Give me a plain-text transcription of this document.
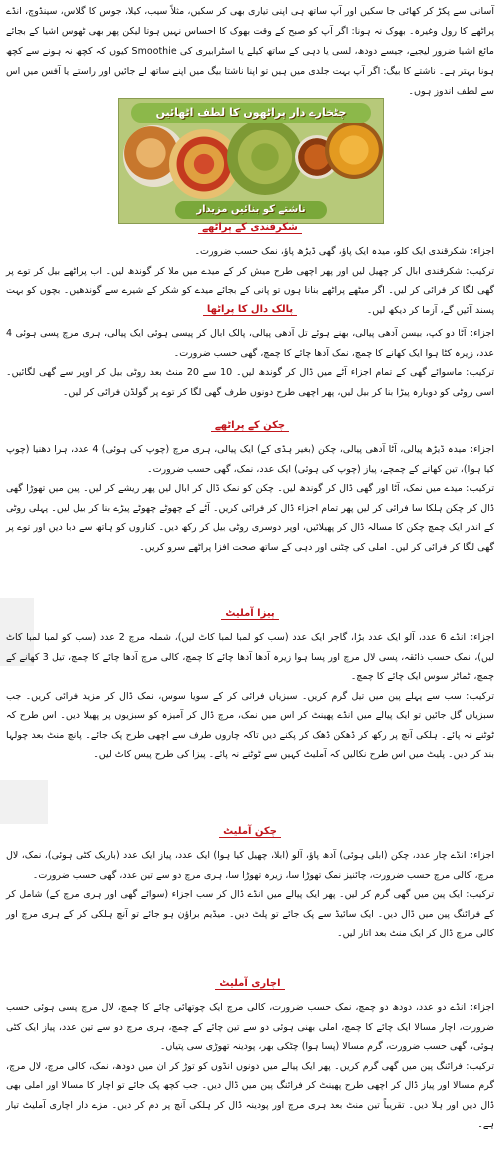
آسانی سے پکڑ کر کھائی جا سکیں اور آپ ساتھ ہی اپنی تیاری بھی کر سکیں، مثلاً سیب، کیلا، جوس کا گلاس، سینڈوچ، انڈے پراٹھے کا رول وغیرہ۔ بھوک نہ ہونا: اگر آپ کو صبح کے وقت بھوک کا احساس نہیں ہوتا لیکن پھر بھی ٹھوس اشیا کے بجائے مائع اشیا ضرور لیجیے، جیسے دودھ، لسی یا دہی کے ساتھ کیلے یا اسٹرابیری کی Smoothie کیوں کہ کچھ نہ ہونے سے کچھ ہونا بہتر ہے۔ ناشتے کا بیگ: اگر آپ بہت جلدی میں ہیں تو اپنا ناشتا بیگ میں اپنے ساتھ لے جائیں اور راستے یا آفس میں اس سے لطف اندوز ہوں۔

چٹخارے دار پراٹھوں کا لطف اٹھائیں
ناشتے کو بنائیں مزیدار
شکرقندی کے پراٹھے

اجزاء: شکرقندی ایک کلو، میدہ ایک پاؤ، گھی ڈیڑھ پاؤ، نمک حسب ضرورت۔

ترکیب: شکرقندی ابال کر چھیل لیں اور پھر اچھی طرح میش کر کے میدے میں ملا کر گوندھ لیں۔ اب پراٹھے بیل کر توے پر گھی لگا کر فرائی کر لیں۔ اگر میٹھے پراٹھے بنانا ہوں تو پانی کے بجائے میدے کو شکر کے شیرے سے گوندھیں۔ بچوں کو بہت پسند آئیں گے، آزما کر دیکھ لیں۔

پالک دال کا پراٹھا

اجزاء: آٹا دو کپ، بیسن آدھی پیالی، بھنے ہوئے تل آدھی پیالی، پالک ابال کر پیسی ہوئی ایک پیالی، ہری مرچ پسی ہوئی 4 عدد، زیرہ کٹا ہوا ایک کھانے کا چمچ، نمک آدھا چائے کا چمچ، گھی حسب ضرورت۔

ترکیب: ماسوائے گھی کے تمام اجزاء آٹے میں ڈال کر گوندھ لیں۔ 10 سے 20 منٹ بعد روٹی بیل کر اوپر سے گھی لگائیں۔ اسی روٹی کو دوبارہ پیڑا بنا کر بیل لیں، پھر اچھی طرح دونوں طرف گھی لگا کر توے پر گولڈن فرائی کر لیں۔

چکن کے پراٹھے

اجزاء: میدہ ڈیڑھ پیالی، آٹا آدھی پیالی، چکن (بغیر ہڈی کے) ایک پیالی، ہری مرچ (چوپ کی ہوئی) 4 عدد، ہرا دھنیا (چوپ کیا ہوا)، تین کھانے کے چمچے، پیاز (چوپ کی ہوئی) ایک عدد، نمک، گھی حسب ضرورت۔

ترکیب: میدے میں نمک، آٹا اور گھی ڈال کر گوندھ لیں۔ چکن کو نمک ڈال کر ابال لیں پھر ریشے کر لیں۔ پین میں تھوڑا گھی ڈال کر چکن ہلکا سا فرائی کر لیں پھر تمام اجزاء ڈال کر فرائی کریں۔ آٹے کے چھوٹے چھوٹے پیڑے بنا کر بیل لیں۔ پہلی روٹی کے اندر ایک چمچ چکن کا مسالہ ڈال کر پھیلائیں، اوپر دوسری روٹی بیل کر رکھ دیں۔ کناروں کو ہاتھ سے دبا دیں اور توے پر گھی لگا کر فرائی کر لیں۔ املی کی چٹنی اور دہی کے ساتھ صحت افزا پراٹھے سرو کریں۔

پیزا آملیٹ

اجزاء: انڈے 6 عدد، آلو ایک عدد بڑا، گاجر ایک عدد (سب کو لمبا لمبا کاٹ لیں)، شملہ مرچ 2 عدد (سب کو لمبا لمبا کاٹ لیں)، نمک حسب ذائقہ، پسی لال مرچ اور پسا ہوا زیرہ آدھا آدھا چائے کا چمچ، کالی مرچ آدھا چائے کا چمچ، تیل 3 کھانے کے چمچ، ٹماٹر سوس ایک چائے کا چمچ۔

ترکیب: سب سے پہلے پین میں تیل گرم کریں۔ سبزیاں فرائی کر کے سویا سوس، نمک ڈال کر مزید فرائی کریں۔ جب سبزیاں گل جائیں تو ایک پیالے میں انڈے پھینٹ کر اس میں نمک، مرچ ڈال کر آمیزہ کو سبزیوں پر پھیلا دیں۔ اس طرح کہ ٹوٹنے نہ پائے۔ ہلکی آنچ پر رکھ کر ڈھکن ڈھک کر پکنے دیں تاکہ چاروں طرف سے اچھی طرح پک جائے۔ پانچ منٹ بعد چولہا بند کر دیں۔ پلیٹ میں اس طرح نکالیں کہ آملیٹ کہیں سے ٹوٹنے نہ پائے۔ پیزا کی طرح پیس کاٹ لیں۔

چکن آملیٹ

اجزاء: انڈے چار عدد، چکن (ابلی ہوئی) آدھ پاؤ، آلو (ابلا، چھیل کیا ہوا) ایک عدد، پیاز ایک عدد (باریک کٹی ہوئی)، نمک، لال مرچ، کالی مرچ حسب ضرورت، چائنیز نمک تھوڑا سا، زیرہ تھوڑا سا، ہری مرچ دو سے تین عدد، گھی حسب ضرورت۔

ترکیب: ایک پین میں گھی گرم کر لیں۔ پھر ایک پیالے میں انڈے ڈال کر سب اجزاء (سوائے گھی اور ہری مرچ کے) شامل کر کے فرائنگ پین میں ڈال دیں۔ ایک سائیڈ سے پک جائے تو پلٹ دیں۔ میڈیم براؤن ہو جائے تو آنچ ہلکی کر کے ہری مرچ اور کالی مرچ ڈال کر ایک منٹ بعد اتار لیں۔

اچاری آملیٹ

اجزاء: انڈے دو عدد، دودھ دو چمچ، نمک حسب ضرورت، کالی مرچ ایک چوتھائی چائے کا چمچ، لال مرچ پسی ہوئی حسب ضرورت، اچار مسالا ایک چائے کا چمچ، املی بھنی ہوئی دو سے تین چائے کے چمچ، ہری مرچ دو سے تین عدد، پیاز ایک کٹی ہوئی، گھی حسب ضرورت، گرم مسالا (پسا ہوا) چٹکی بھر، پودینہ تھوڑی سی پتیاں۔

ترکیب: فرائنگ پین میں گھی گرم کریں۔ پھر ایک پیالے میں دونوں انڈوں کو توڑ کر ان میں دودھ، نمک، کالی مرچ، لال مرچ، گرم مسالا اور پیاز ڈال کر اچھی طرح پھینٹ کر فرائنگ پین میں ڈال دیں۔ جب کچھ پک جائے تو اچار کا مسالا اور املی بھی ڈال دیں اور ہلا دیں۔ تقریباً تین منٹ بعد ہری مرچ اور پودینہ ڈال کر ہلکی آنچ پر دم کر دیں۔ مزے دار اچاری آملیٹ تیار ہے۔
